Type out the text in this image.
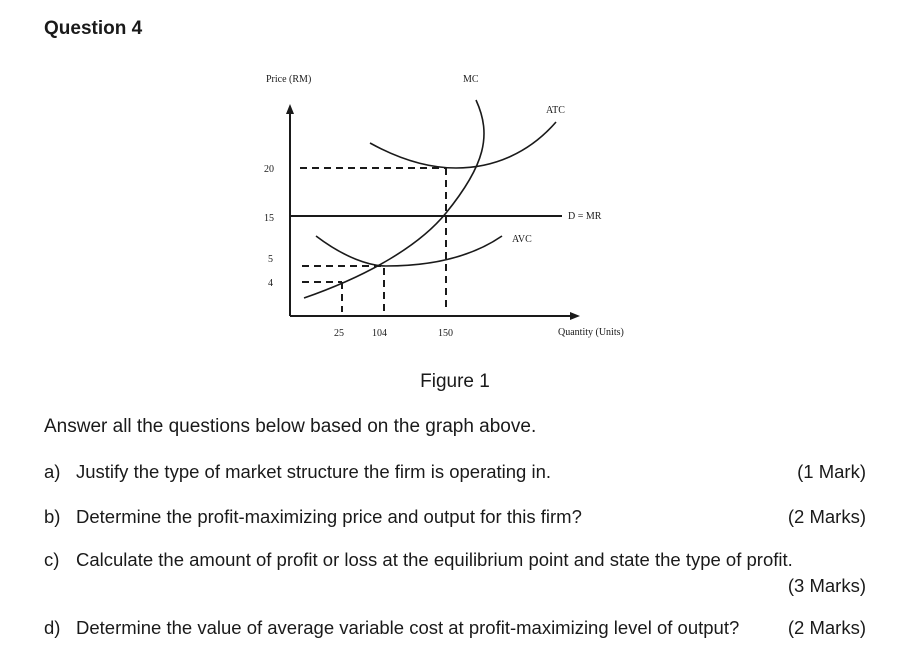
Question 4
Price (RM)
Quantity (Units)
20
15
5
4
25	104	150
D = MR
MC
ATC
AVC
Figure 1
Answer all the questions below based on the graph above.
a) Justify the type of market structure the firm is operating in.	(1 Mark)
b) Determine the profit-maximizing price and output for this firm?	(2 Marks)
c) Calculate the amount of profit or loss at the equilibrium point and state the type of profit.
(3 Marks)
d) Determine the value of average variable cost at profit-maximizing level of output?	(2 Marks)
